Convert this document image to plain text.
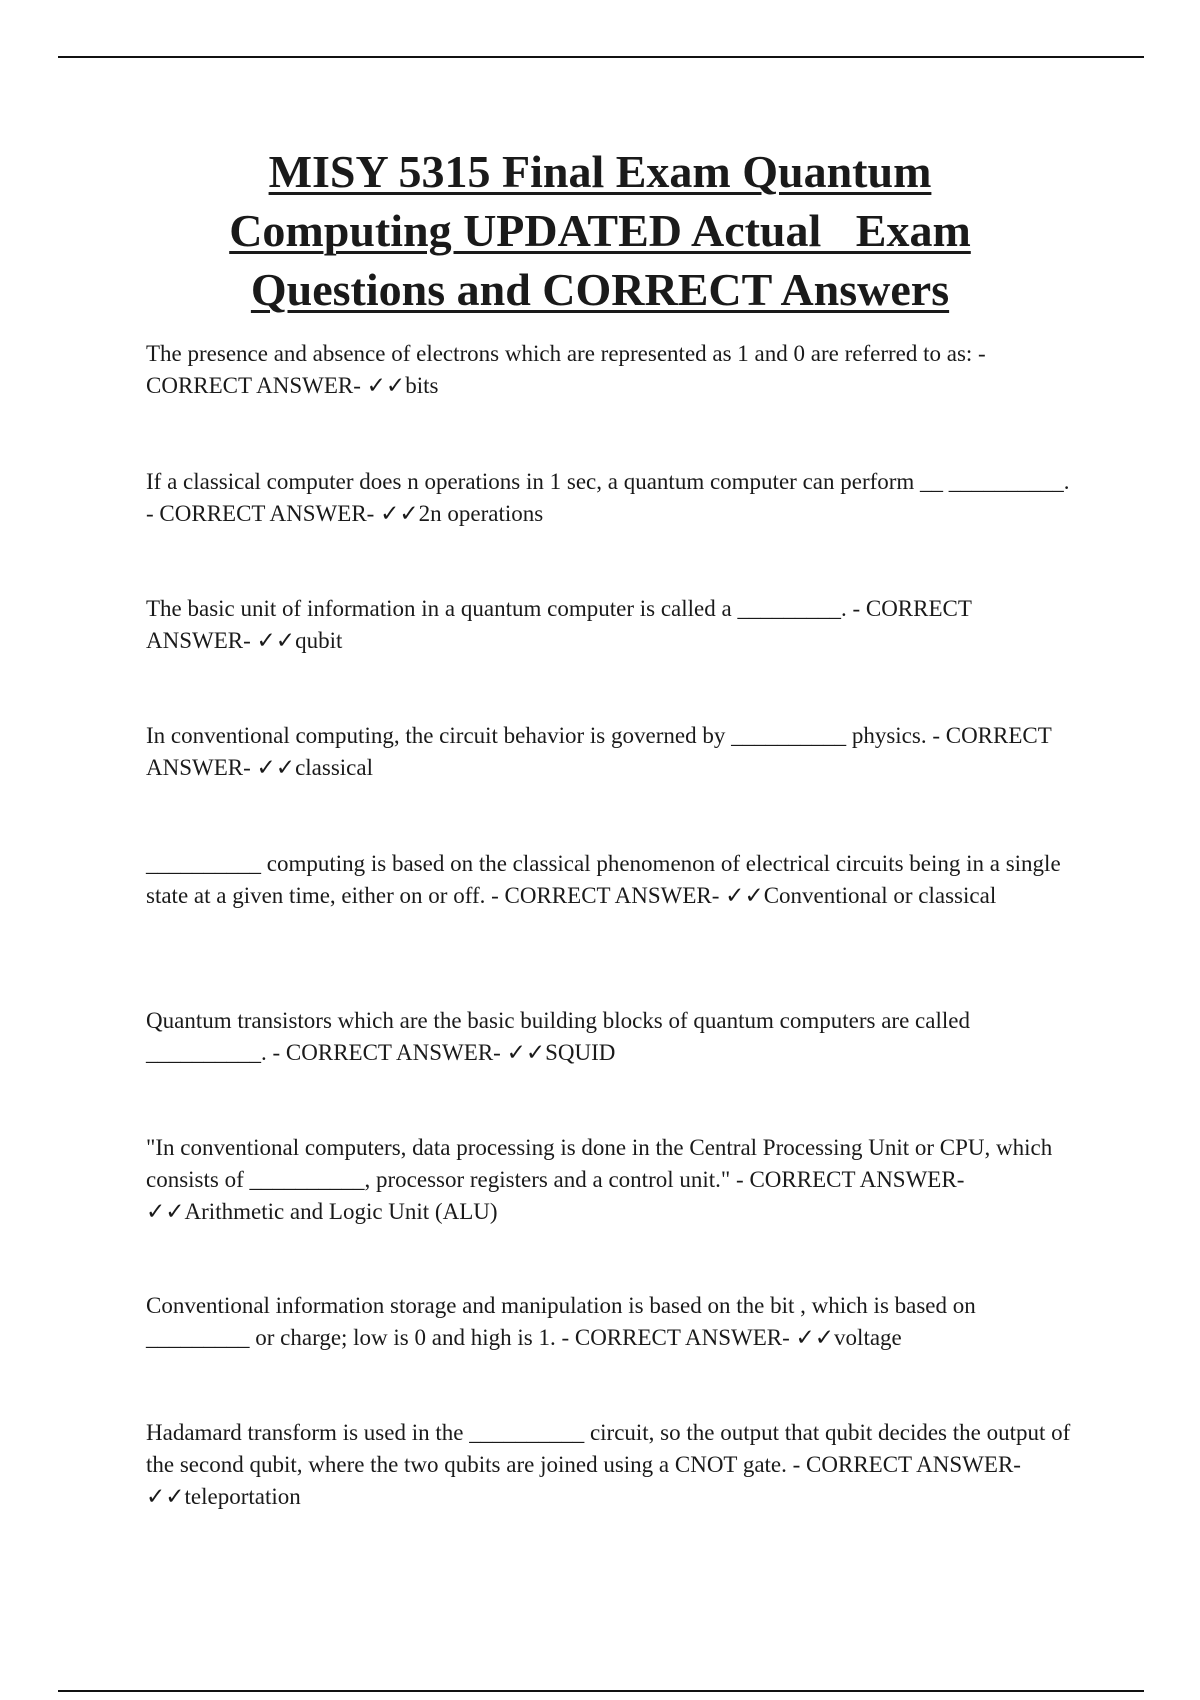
MISY 5315 Final Exam Quantum
Computing UPDATED Actual   Exam
Questions and CORRECT Answers

The presence and absence of electrons which are represented as 1 and 0 are referred to as: - CORRECT ANSWER- ✓✓bits

If a classical computer does n operations in 1 sec, a quantum computer can perform __ __________. - CORRECT ANSWER- ✓✓2n operations

The basic unit of information in a quantum computer is called a _________. - CORRECT ANSWER- ✓✓qubit

In conventional computing, the circuit behavior is governed by __________ physics. - CORRECT ANSWER- ✓✓classical

__________ computing is based on the classical phenomenon of electrical circuits being in a single state at a given time, either on or off. - CORRECT ANSWER- ✓✓Conventional or classical

Quantum transistors which are the basic building blocks of quantum computers are called __________. - CORRECT ANSWER- ✓✓SQUID

"In conventional computers, data processing is done in the Central Processing Unit or CPU, which consists of __________, processor registers and a control unit." - CORRECT ANSWER- ✓✓Arithmetic and Logic Unit (ALU)

Conventional information storage and manipulation is based on the bit , which is based on _________ or charge; low is 0 and high is 1. - CORRECT ANSWER- ✓✓voltage

Hadamard transform is used in the __________ circuit, so the output that qubit decides the output of the second qubit, where the two qubits are joined using a CNOT gate. - CORRECT ANSWER- ✓✓teleportation
